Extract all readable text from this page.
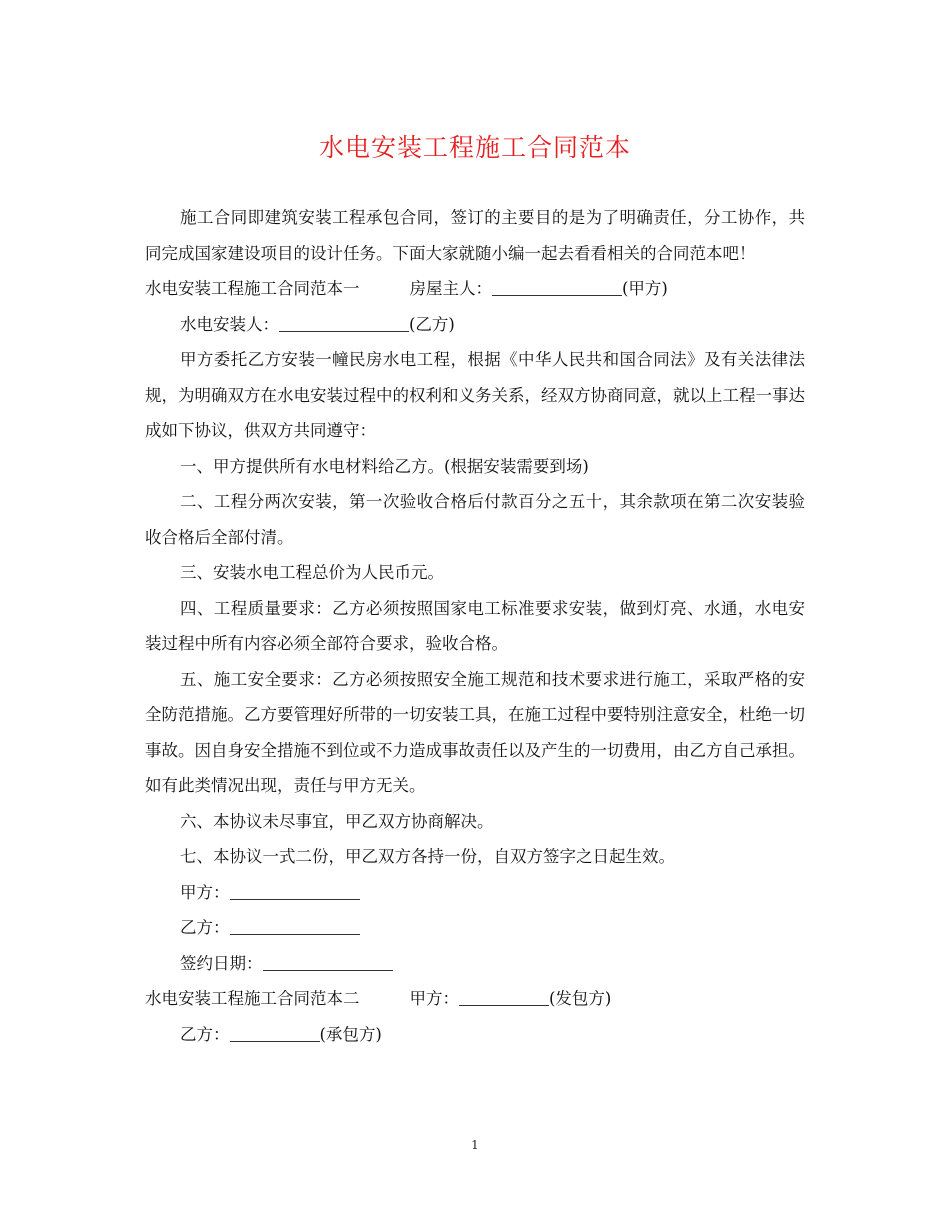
水电安装工程施工合同范本

施工合同即建筑安装工程承包合同，签订的主要目的是为了明确责任，分工协作，共同完成国家建设项目的设计任务。下面大家就随小编一起去看看相关的合同范本吧！

水电安装工程施工合同范本一	房屋主人：	(甲方)

水电安装人：	(乙方)

甲方委托乙方安装一幢民房水电工程，根据《中华人民共和国合同法》及有关法律法规，为明确双方在水电安装过程中的权利和义务关系，经双方协商同意，就以上工程一事达成如下协议，供双方共同遵守：

一、甲方提供所有水电材料给乙方。(根据安装需要到场)

二、工程分两次安装，第一次验收合格后付款百分之五十，其余款项在第二次安装验收合格后全部付清。

三、安装水电工程总价为人民币元。

四、工程质量要求：乙方必须按照国家电工标准要求安装，做到灯亮、水通，水电安装过程中所有内容必须全部符合要求，验收合格。

五、施工安全要求：乙方必须按照安全施工规范和技术要求进行施工，采取严格的安全防范措施。乙方要管理好所带的一切安装工具，在施工过程中要特别注意安全，杜绝一切事故。因自身安全措施不到位或不力造成事故责任以及产生的一切费用，由乙方自己承担。如有此类情况出现，责任与甲方无关。

六、本协议未尽事宜，甲乙双方协商解决。

七、本协议一式二份，甲乙双方各持一份，自双方签字之日起生效。

甲方：

乙方：

签约日期：

水电安装工程施工合同范本二	甲方：	(发包方)

乙方：	(承包方)

1
